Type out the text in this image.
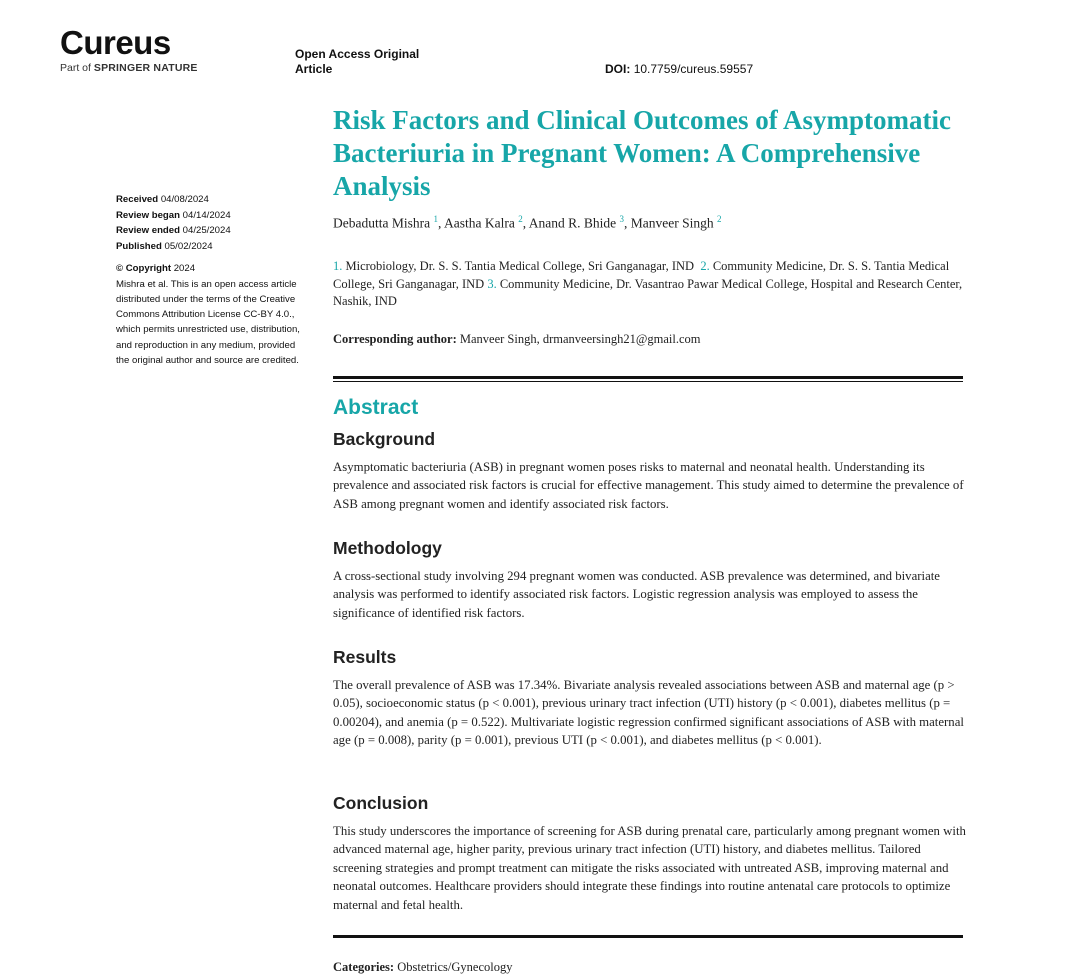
Cureus
Part of SPRINGER NATURE
Open Access Original Article	DOI: 10.7759/cureus.59557
Received 04/08/2024
Review began 04/14/2024
Review ended 04/25/2024
Published 05/02/2024
© Copyright 2024
Mishra et al. This is an open access article distributed under the terms of the Creative Commons Attribution License CC-BY 4.0., which permits unrestricted use, distribution, and reproduction in any medium, provided the original author and source are credited.
Risk Factors and Clinical Outcomes of Asymptomatic Bacteriuria in Pregnant Women: A Comprehensive Analysis
Debadutta Mishra $^1$, Aastha Kalra $^2$, Anand R. Bhide $^3$, Manveer Singh $^2$
1. Microbiology, Dr. S. S. Tantia Medical College, Sri Ganganagar, IND 2. Community Medicine, Dr. S. S. Tantia Medical College, Sri Ganganagar, IND 3. Community Medicine, Dr. Vasantrao Pawar Medical College, Hospital and Research Center, Nashik, IND
Corresponding author: Manveer Singh, drmanveersingh21@gmail.com
Abstract
Background
Asymptomatic bacteriuria (ASB) in pregnant women poses risks to maternal and neonatal health. Understanding its prevalence and associated risk factors is crucial for effective management. This study aimed to determine the prevalence of ASB among pregnant women and identify associated risk factors.
Methodology
A cross-sectional study involving 294 pregnant women was conducted. ASB prevalence was determined, and bivariate analysis was performed to identify associated risk factors. Logistic regression analysis was employed to assess the significance of identified risk factors.
Results
The overall prevalence of ASB was 17.34%. Bivariate analysis revealed associations between ASB and maternal age (p > 0.05), socioeconomic status (p < 0.001), previous urinary tract infection (UTI) history (p < 0.001), diabetes mellitus (p = 0.00204), and anemia (p = 0.522). Multivariate logistic regression confirmed significant associations of ASB with maternal age (p = 0.008), parity (p = 0.001), previous UTI (p < 0.001), and diabetes mellitus (p < 0.001).
Conclusion
This study underscores the importance of screening for ASB during prenatal care, particularly among pregnant women with advanced maternal age, higher parity, previous urinary tract infection (UTI) history, and diabetes mellitus. Tailored screening strategies and prompt treatment can mitigate the risks associated with untreated ASB, improving maternal and neonatal outcomes. Healthcare providers should integrate these findings into routine antenatal care protocols to optimize maternal and fetal health.
Categories: Obstetrics/Gynecology
